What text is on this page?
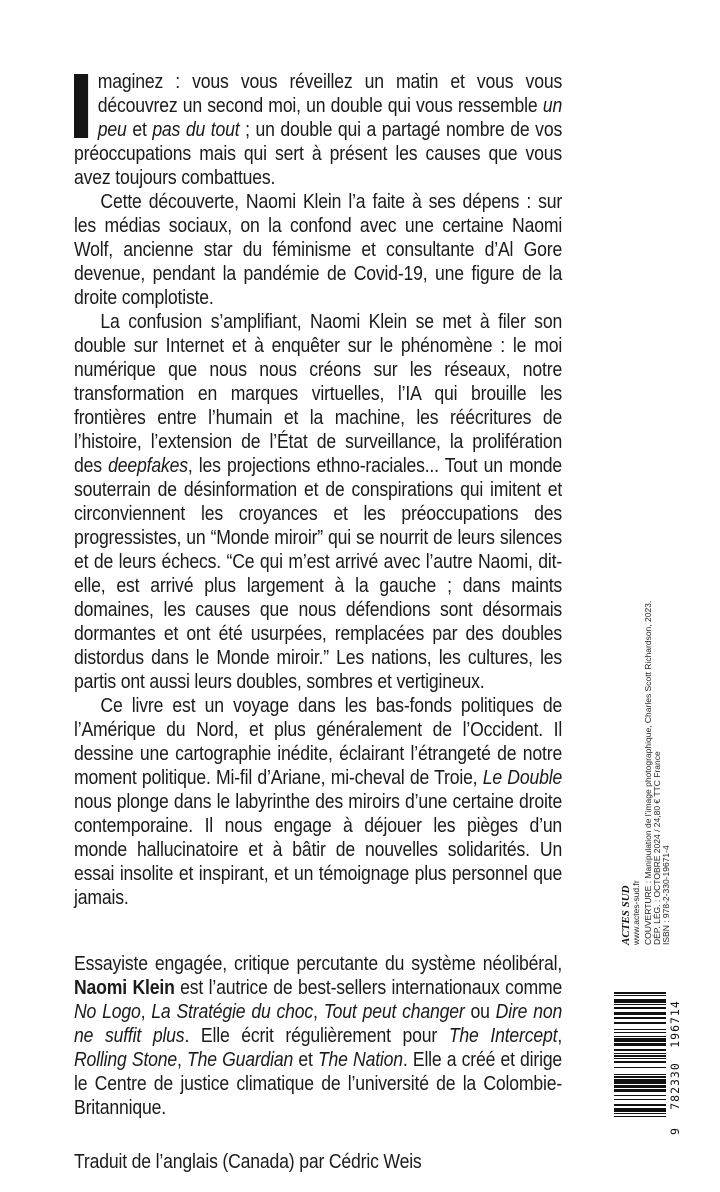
maginez : vous vous réveillez un matin et vous vous découvrez un second moi, un double qui vous ressemble un peu et pas du tout ; un double qui a partagé nombre de vos préoccupations mais qui sert à présent les causes que vous avez toujours combattues.

Cette découverte, Naomi Klein l’a faite à ses dépens : sur les médias sociaux, on la confond avec une certaine Naomi Wolf, ancienne star du féminisme et consultante d’Al Gore devenue, pendant la pandémie de Covid-19, une figure de la droite complotiste.

La confusion s’amplifiant, Naomi Klein se met à filer son double sur Internet et à enquêter sur le phénomène : le moi numérique que nous nous créons sur les réseaux, notre transformation en marques virtuelles, l’IA qui brouille les frontières entre l’humain et la machine, les réécritures de l’histoire, l’extension de l’État de surveillance, la prolifération des deepfakes, les projections ethno-raciales... Tout un monde souterrain de désinformation et de conspirations qui imitent et circonviennent les croyances et les préoccupations des progressistes, un “Monde miroir” qui se nourrit de leurs silences et de leurs échecs. “Ce qui m’est arrivé avec l’autre Naomi, dit-elle, est arrivé plus largement à la gauche ; dans maints domaines, les causes que nous défendions sont désormais dormantes et ont été usurpées, remplacées par des doubles distordus dans le Monde miroir.” Les nations, les cultures, les partis ont aussi leurs doubles, sombres et vertigineux.

Ce livre est un voyage dans les bas-fonds politiques de l’Amérique du Nord, et plus généralement de l’Occident. Il dessine une cartographie inédite, éclairant l’étrangeté de notre moment politique. Mi-fil d’Ariane, mi-cheval de Troie, Le Double nous plonge dans le labyrinthe des miroirs d’une certaine droite contemporaine. Il nous engage à déjouer les pièges d’un monde hallucinatoire et à bâtir de nouvelles solidarités. Un essai insolite et inspirant, et un témoignage plus personnel que jamais.

Essayiste engagée, critique percutante du système néolibéral, Naomi Klein est l’autrice de best-sellers internationaux comme No Logo, La Stratégie du choc, Tout peut changer ou Dire non ne suffit plus. Elle écrit régulièrement pour The Intercept, Rolling Stone, The Guardian et The Nation. Elle a créé et dirige le Centre de justice climatique de l’université de la Colombie-Britannique.

Traduit de l’anglais (Canada) par Cédric Weis

ACTES SUD www.actes-sud.fr COUVERTURE : Manipulation de l’image photographique, Charles Scott Richardson, 2023. DÉP. LÉG. : OCTOBRE 2024 / 24,80 € TTC France ISBN : 978-2-330-19671-4
9
782330
196714
